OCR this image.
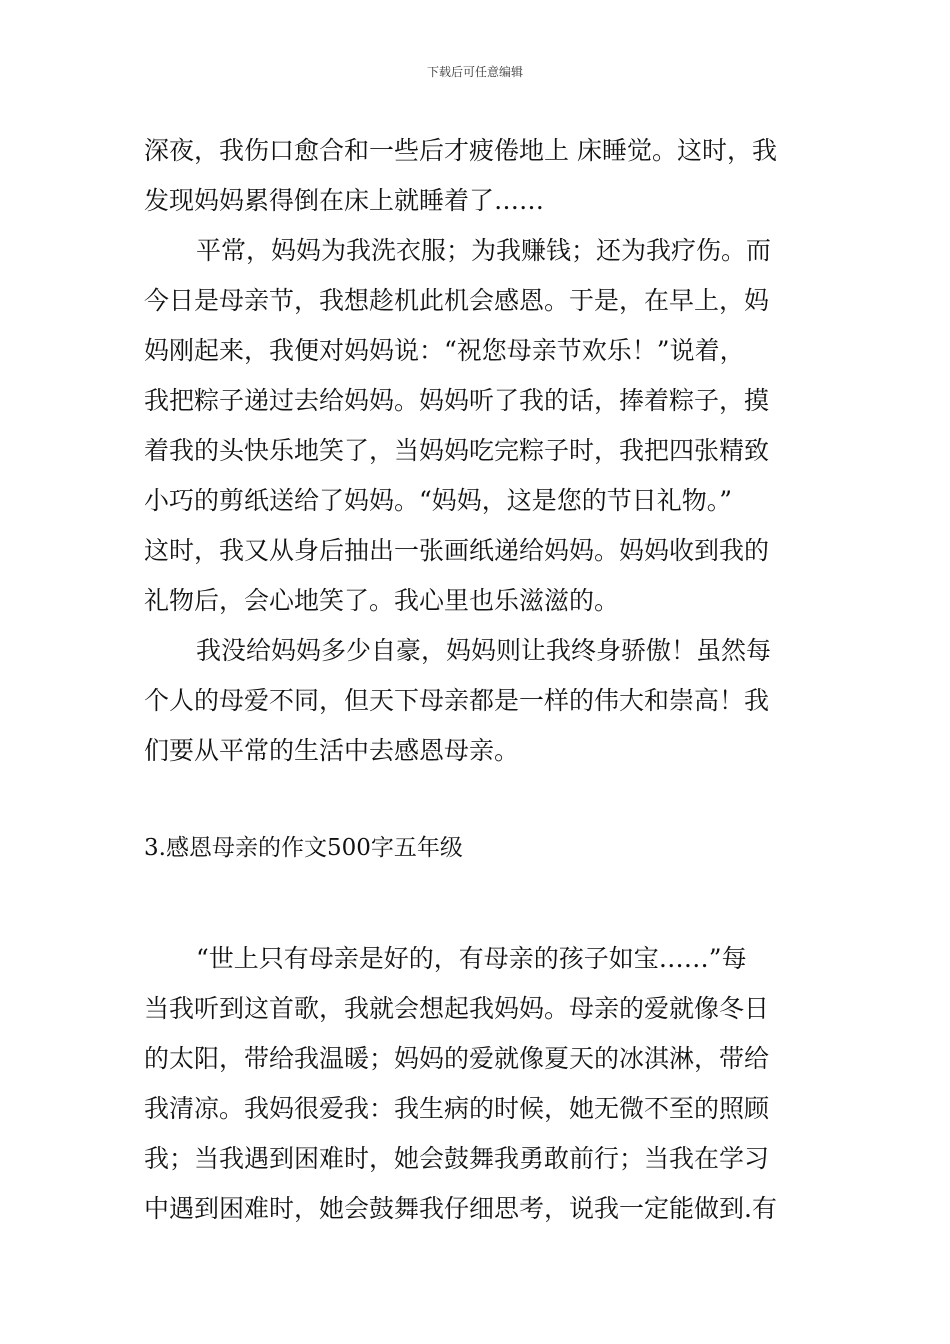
下载后可任意编辑
深夜，我伤口愈合和一些后才疲倦地上 床睡觉。这时，我
发现妈妈累得倒在床上就睡着了……
平常，妈妈为我洗衣服；为我赚钱；还为我疗伤。而
今日是母亲节，我想趁机此机会感恩。于是，在早上，妈
妈刚起来，我便对妈妈说：“祝您母亲节欢乐！”说着，
我把粽子递过去给妈妈。妈妈听了我的话，捧着粽子，摸
着我的头快乐地笑了，当妈妈吃完粽子时，我把四张精致
小巧的剪纸送给了妈妈。“妈妈，这是您的节日礼物。”
这时，我又从身后抽出一张画纸递给妈妈。妈妈收到我的
礼物后，会心地笑了。我心里也乐滋滋的。
我没给妈妈多少自豪，妈妈则让我终身骄傲！虽然每
个人的母爱不同，但天下母亲都是一样的伟大和崇高！我
们要从平常的生活中去感恩母亲。
3.感恩母亲的作文500字五年级
“世上只有母亲是好的，有母亲的孩子如宝……”每
当我听到这首歌，我就会想起我妈妈。母亲的爱就像冬日
的太阳，带给我温暖；妈妈的爱就像夏天的冰淇淋，带给
我清凉。我妈很爱我：我生病的时候，她无微不至的照顾
我；当我遇到困难时，她会鼓舞我勇敢前行；当我在学习
中遇到困难时，她会鼓舞我仔细思考，说我一定能做到.有
